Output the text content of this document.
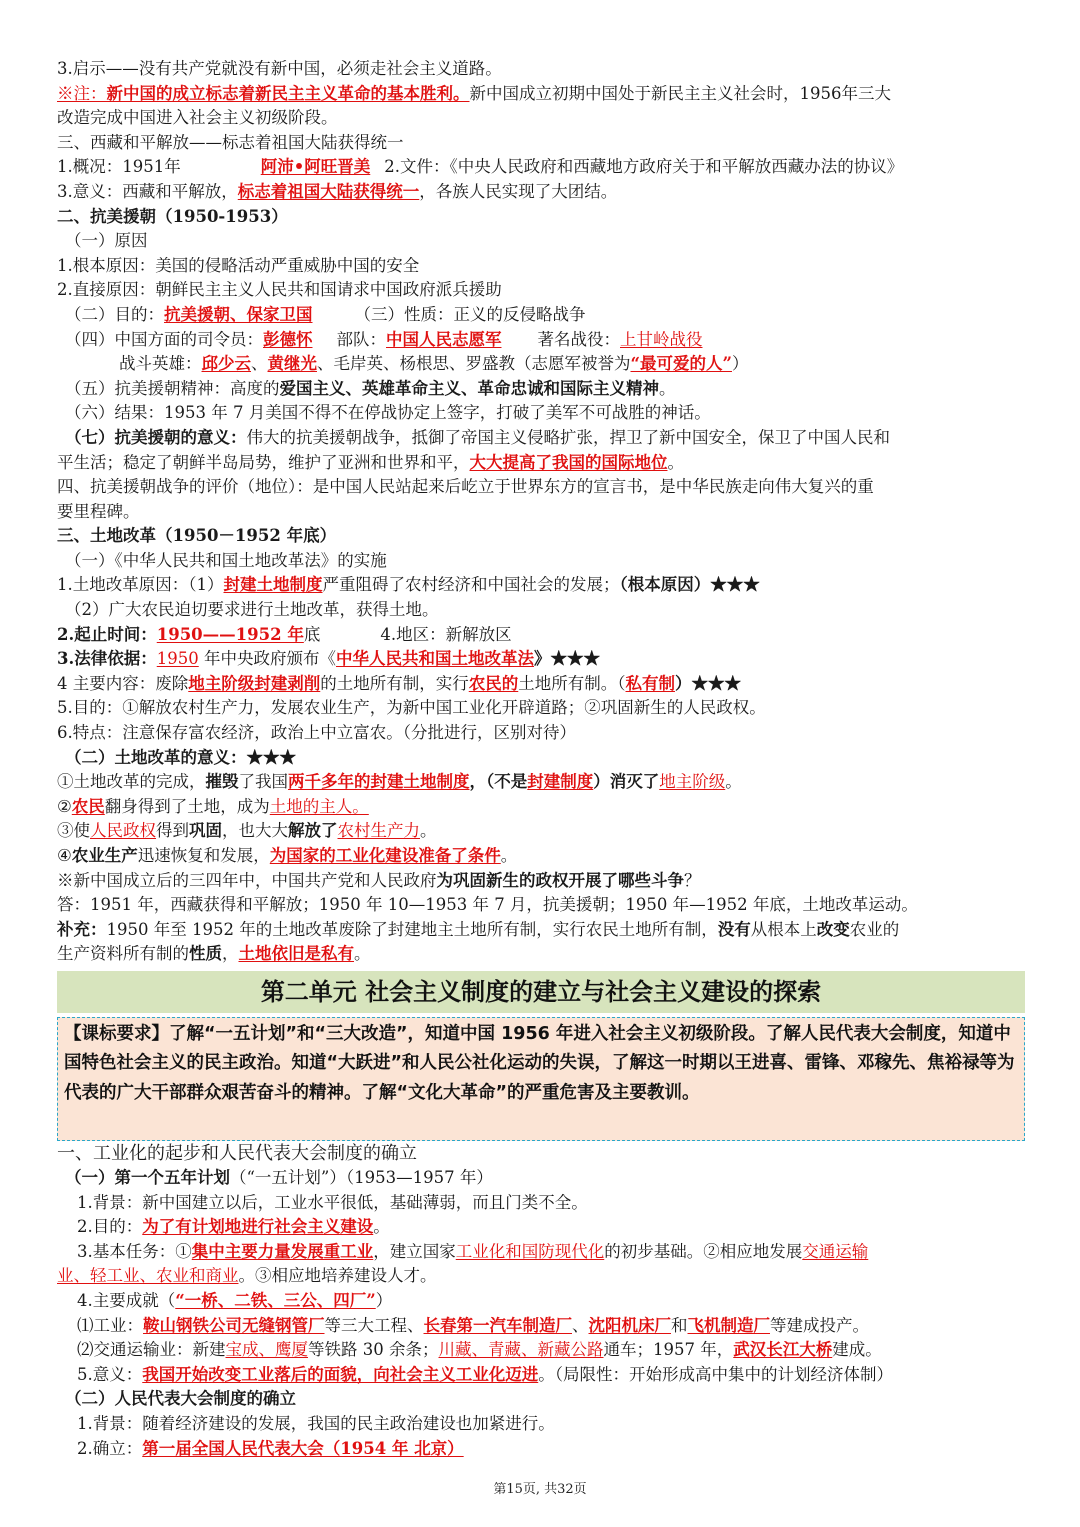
3.启示——没有共产党就没有新中国，必须走社会主义道路。
※注：新中国的成立标志着新民主主义革命的基本胜利。新中国成立初期中国处于新民主主义社会时，1956年三大
改造完成中国进入社会主义初级阶段。
三、西藏和平解放——标志着祖国大陆获得统一
1.概况：1951年	阿沛•阿旺晋美 2.文件：《中央人民政府和西藏地方政府关于和平解放西藏办法的协议》
3.意义：西藏和平解放，标志着祖国大陆获得统一，各族人民实现了大团结。
二、抗美援朝（1950-1953）
（一）原因
1.根本原因：美国的侵略活动严重威胁中国的安全
2.直接原因：朝鲜民主主义人民共和国请求中国政府派兵援助
（二）目的：抗美援朝、保家卫国	（三）性质：正义的反侵略战争
（四）中国方面的司令员：彭德怀 部队：中国人民志愿军 著名战役：上甘岭战役
战斗英雄：邱少云、黄继光、毛岸英、杨根思、罗盛教（志愿军被誉为“最可爱的人”）
（五）抗美援朝精神：高度的爱国主义、英雄革命主义、革命忠诚和国际主义精神。
（六）结果：1953 年 7 月美国不得不在停战协定上签字，打破了美军不可战胜的神话。
（七）抗美援朝的意义：伟大的抗美援朝战争，抵御了帝国主义侵略扩张，捍卫了新中国安全，保卫了中国人民和
平生活；稳定了朝鲜半岛局势，维护了亚洲和世界和平，大大提高了我国的国际地位。
四、抗美援朝战争的评价（地位）：是中国人民站起来后屹立于世界东方的宣言书，是中华民族走向伟大复兴的重
要里程碑。
三、土地改革（1950－1952 年底）
（一）《中华人民共和国土地改革法》的实施
1.土地改革原因：（1）封建土地制度严重阻碍了农村经济和中国社会的发展；（根本原因）★★★
（2）广大农民迫切要求进行土地改革，获得土地。
2.起止时间：1950——1952 年底	4.地区：新解放区
3.法律依据：1950 年中央政府颁布《中华人民共和国土地改革法》★★★
4 主要内容：废除地主阶级封建剥削的土地所有制，实行农民的土地所有制。（私有制）★★★
5.目的：①解放农村生产力，发展农业生产，为新中国工业化开辟道路；②巩固新生的人民政权。
6.特点：注意保存富农经济，政治上中立富农。（分批进行，区别对待）
（二）土地改革的意义：★★★
①土地改革的完成，摧毁了我国两千多年的封建土地制度，（不是封建制度）消灭了地主阶级。
②农民翻身得到了土地，成为土地的主人。
③使人民政权得到巩固，也大大解放了农村生产力。
④农业生产迅速恢复和发展，为国家的工业化建设准备了条件。
※新中国成立后的三四年中，中国共产党和人民政府为巩固新生的政权开展了哪些斗争？
答：1951 年，西藏获得和平解放；1950 年 10—1953 年 7 月，抗美援朝；1950 年—1952 年底，土地改革运动。
补充：1950 年至 1952 年的土地改革废除了封建地主土地所有制，实行农民土地所有制，没有从根本上改变农业的
生产资料所有制的性质，土地依旧是私有。
第二单元 社会主义制度的建立与社会主义建设的探索
【课标要求】了解“一五计划”和“三大改造”，知道中国 1956 年进入社会主义初级阶段。了解人民代表大会制度，知道中国特色社会主义的民主政治。知道“大跃进”和人民公社化运动的失误，了解这一时期以王进喜、雷锋、邓稼先、焦裕禄等为代表的广大干部群众艰苦奋斗的精神。了解“文化大革命”的严重危害及主要教训。
一、工业化的起步和人民代表大会制度的确立
（一）第一个五年计划（“一五计划”）（1953—1957 年）
1.背景：新中国建立以后，工业水平很低，基础薄弱，而且门类不全。
2.目的：为了有计划地进行社会主义建设。
3.基本任务：①集中主要力量发展重工业，建立国家工业化和国防现代化的初步基础。②相应地发展交通运输
业、轻工业、农业和商业。③相应地培养建设人才。
4.主要成就（“一桥、二铁、三公、四厂”）
⑴工业：鞍山钢铁公司无缝钢管厂等三大工程、长春第一汽车制造厂、沈阳机床厂和飞机制造厂等建成投产。
⑵交通运输业：新建宝成、鹰厦等铁路 30 余条；川藏、青藏、新藏公路通车；1957 年，武汉长江大桥建成。
5.意义：我国开始改变工业落后的面貌，向社会主义工业化迈进。（局限性：开始形成高中集中的计划经济体制）
（二）人民代表大会制度的确立
1.背景：随着经济建设的发展，我国的民主政治建设也加紧进行。
2.确立：第一届全国人民代表大会（1954 年 北京）
第15页, 共32页
